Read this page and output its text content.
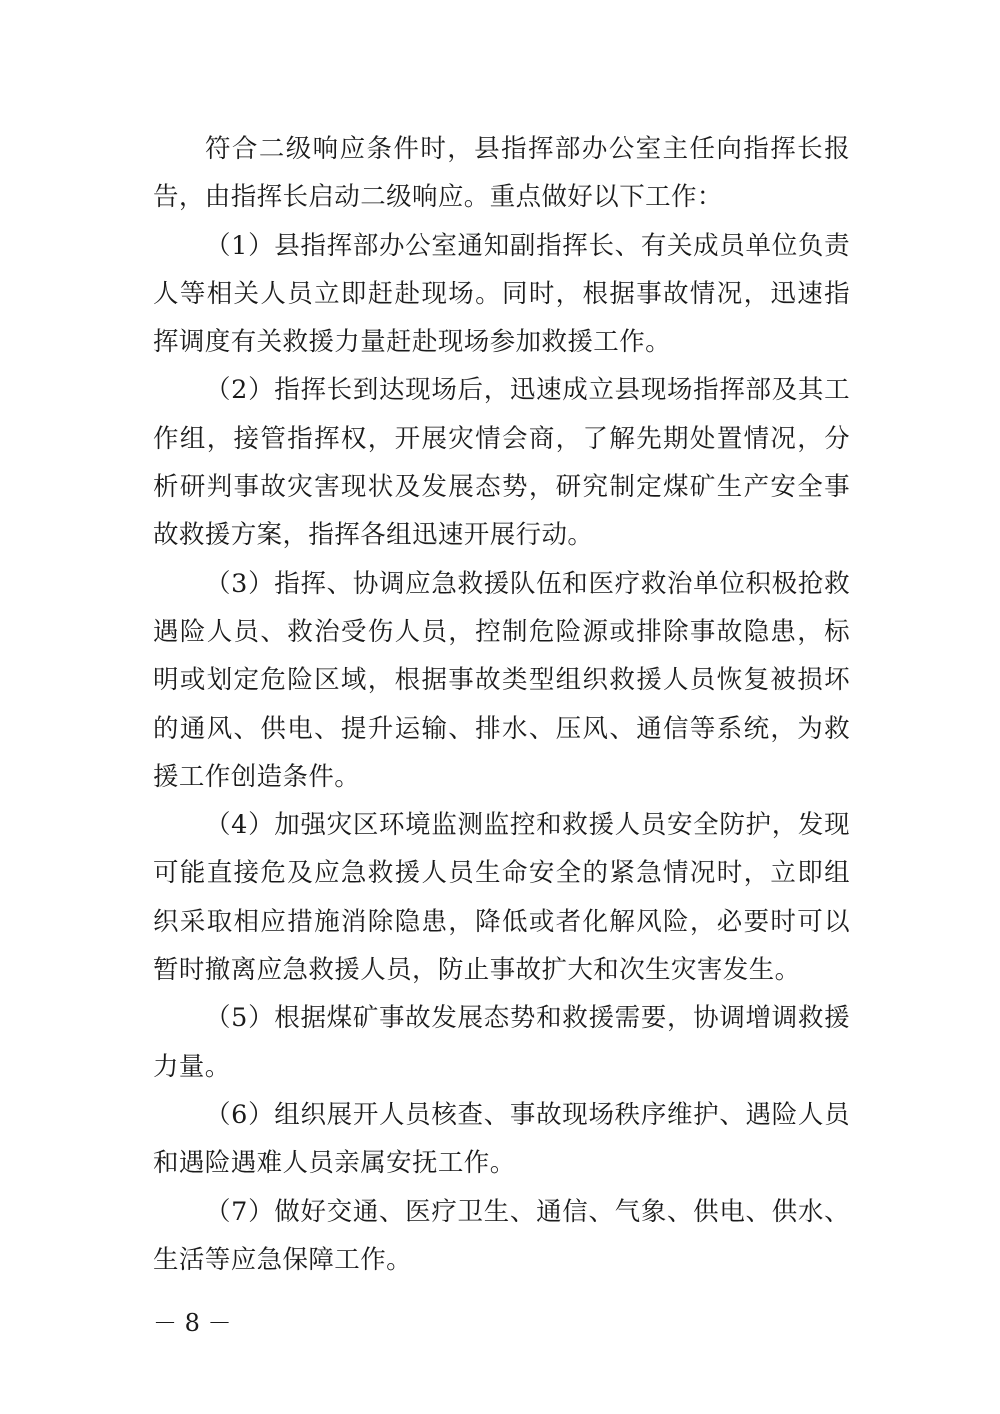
符合二级响应条件时，县指挥部办公室主任向指挥长报告，由指挥长启动二级响应。重点做好以下工作：

（1）县指挥部办公室通知副指挥长、有关成员单位负责人等相关人员立即赶赴现场。同时，根据事故情况，迅速指挥调度有关救援力量赶赴现场参加救援工作。

（2）指挥长到达现场后，迅速成立县现场指挥部及其工作组，接管指挥权，开展灾情会商，了解先期处置情况，分析研判事故灾害现状及发展态势，研究制定煤矿生产安全事故救援方案，指挥各组迅速开展行动。

（3）指挥、协调应急救援队伍和医疗救治单位积极抢救遇险人员、救治受伤人员，控制危险源或排除事故隐患，标明或划定危险区域，根据事故类型组织救援人员恢复被损坏的通风、供电、提升运输、排水、压风、通信等系统，为救援工作创造条件。

（4）加强灾区环境监测监控和救援人员安全防护，发现可能直接危及应急救援人员生命安全的紧急情况时，立即组织采取相应措施消除隐患，降低或者化解风险，必要时可以暂时撤离应急救援人员，防止事故扩大和次生灾害发生。

（5）根据煤矿事故发展态势和救援需要，协调增调救援力量。

（6）组织展开人员核查、事故现场秩序维护、遇险人员和遇险遇难人员亲属安抚工作。

（7）做好交通、医疗卫生、通信、气象、供电、供水、生活等应急保障工作。

－ 8 －
